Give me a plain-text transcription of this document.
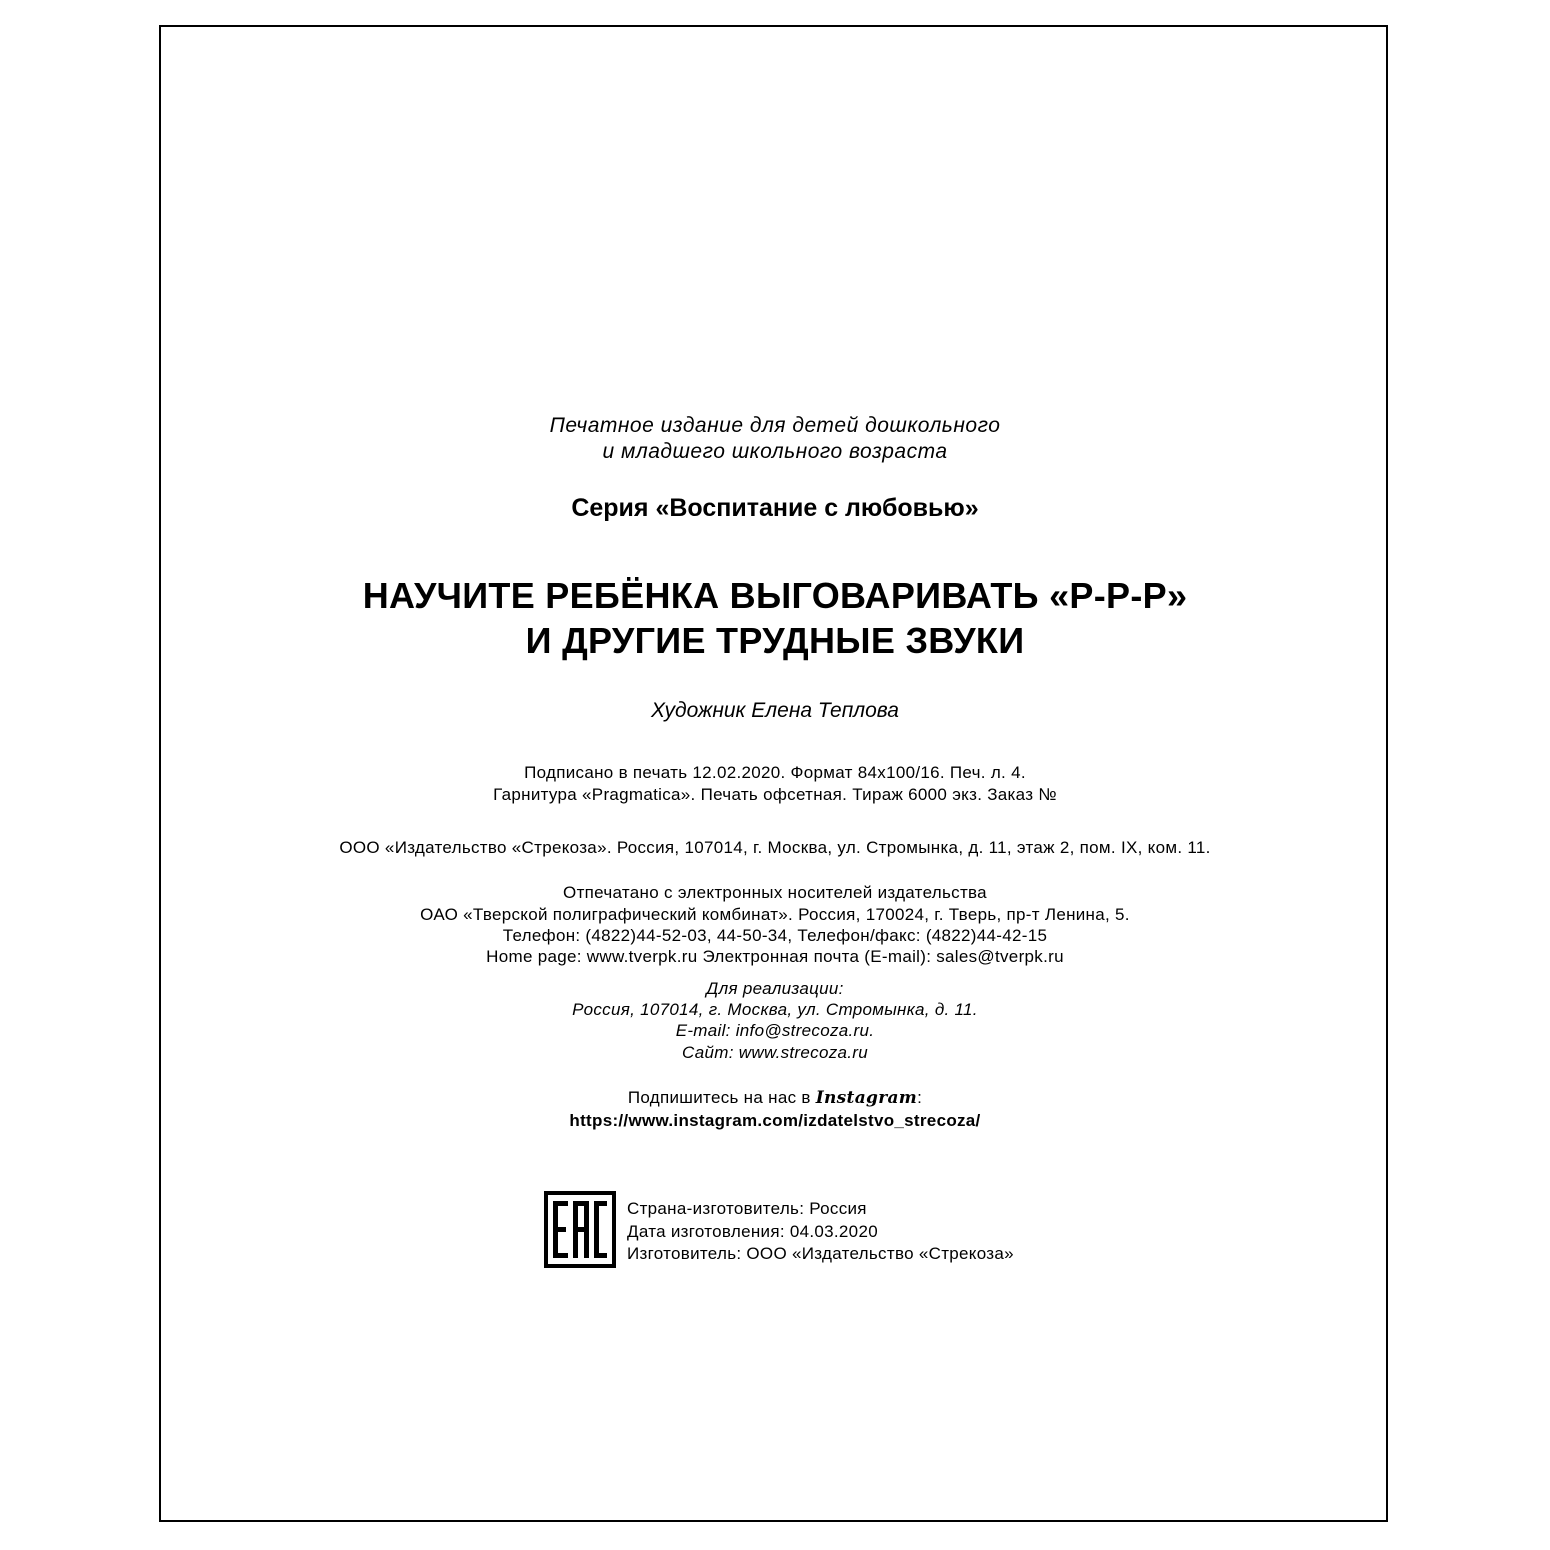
Печатное издание для детей дошкольного

и младшего школьного возраста

Серия «Воспитание с любовью»

НАУЧИТЕ РЕБЁНКА ВЫГОВАРИВАТЬ «Р-Р-Р»
И ДРУГИЕ ТРУДНЫЕ ЗВУКИ

Художник Елена Теплова

Подписано в печать 12.02.2020. Формат 84х100/16. Печ. л. 4.

Гарнитура «Pragmatica». Печать офсетная. Тираж 6000 экз. Заказ №

ООО «Издательство «Стрекоза». Россия, 107014, г. Москва, ул. Стромынка, д. 11, этаж 2, пом. IX, ком. 11.

Отпечатано с электронных носителей издательства

ОАО «Тверской полиграфический комбинат». Россия, 170024, г. Тверь, пр-т Ленина, 5.

Телефон: (4822)44-52-03, 44-50-34, Телефон/факс: (4822)44-42-15

Home page: www.tverpk.ru Электронная почта (E-mail): sales@tverpk.ru

Для реализации:

Россия, 107014, г. Москва, ул. Стромынка, д. 11.

E-mail: info@strecoza.ru.

Сайт: www.strecoza.ru

Подпишитесь на нас в Instagram:

https://www.instagram.com/izdatelstvo_strecoza/

Страна-изготовитель: Россия
Дата изготовления: 04.03.2020
Изготовитель: ООО «Издательство «Стрекоза»
